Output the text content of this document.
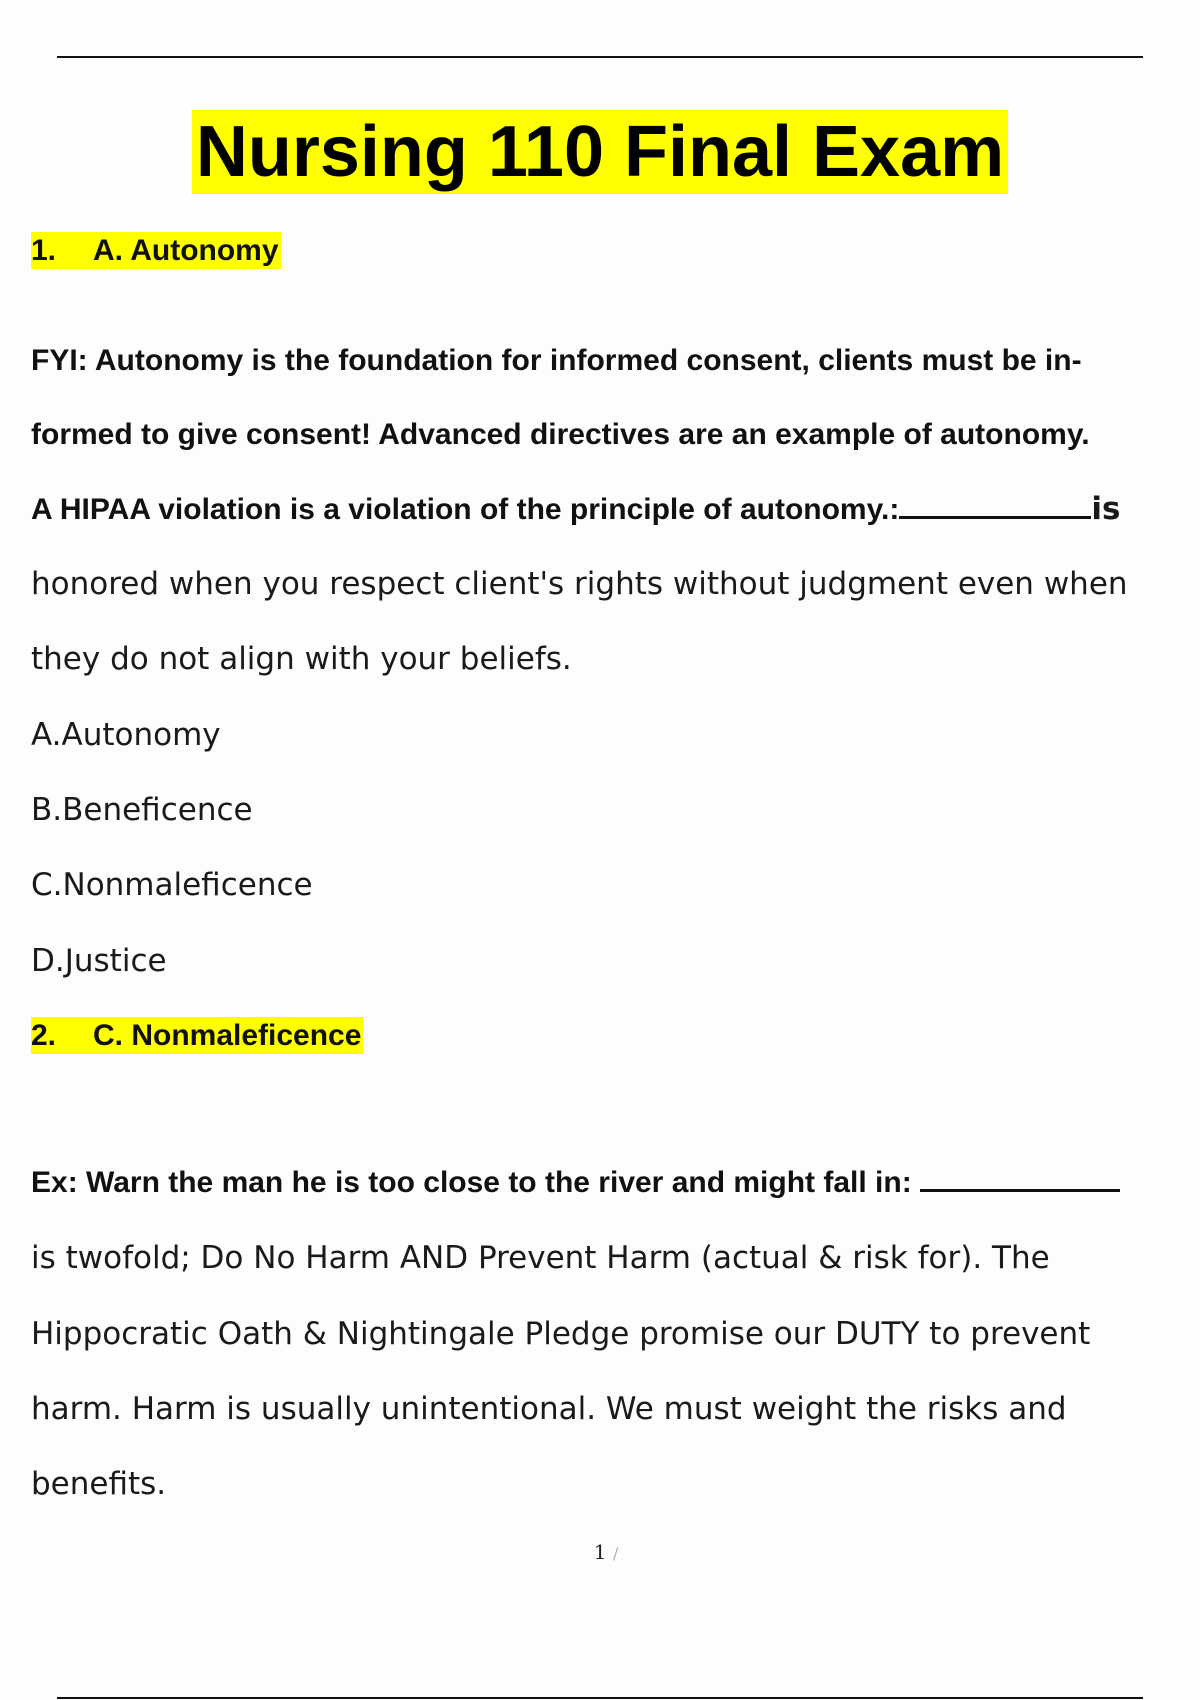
Nursing 110 Final Exam
1. A. Autonomy
FYI: Autonomy is the foundation for informed consent, clients must be in-
formed to give consent! Advanced directives are an example of autonomy.
A HIPAA violation is a violation of the principle of autonomy.:	is
honored when you respect client's rights without judgment even when
they do not align with your beliefs.
A.Autonomy
B.Beneficence
C.Nonmaleficence
D.Justice
2. C. Nonmaleficence
Ex: Warn the man he is too close to the river and might fall in:
is twofold; Do No Harm AND Prevent Harm (actual & risk for). The
Hippocratic Oath & Nightingale Pledge promise our DUTY to prevent
harm. Harm is usually unintentional. We must weight the risks and
benefits.
1 /
